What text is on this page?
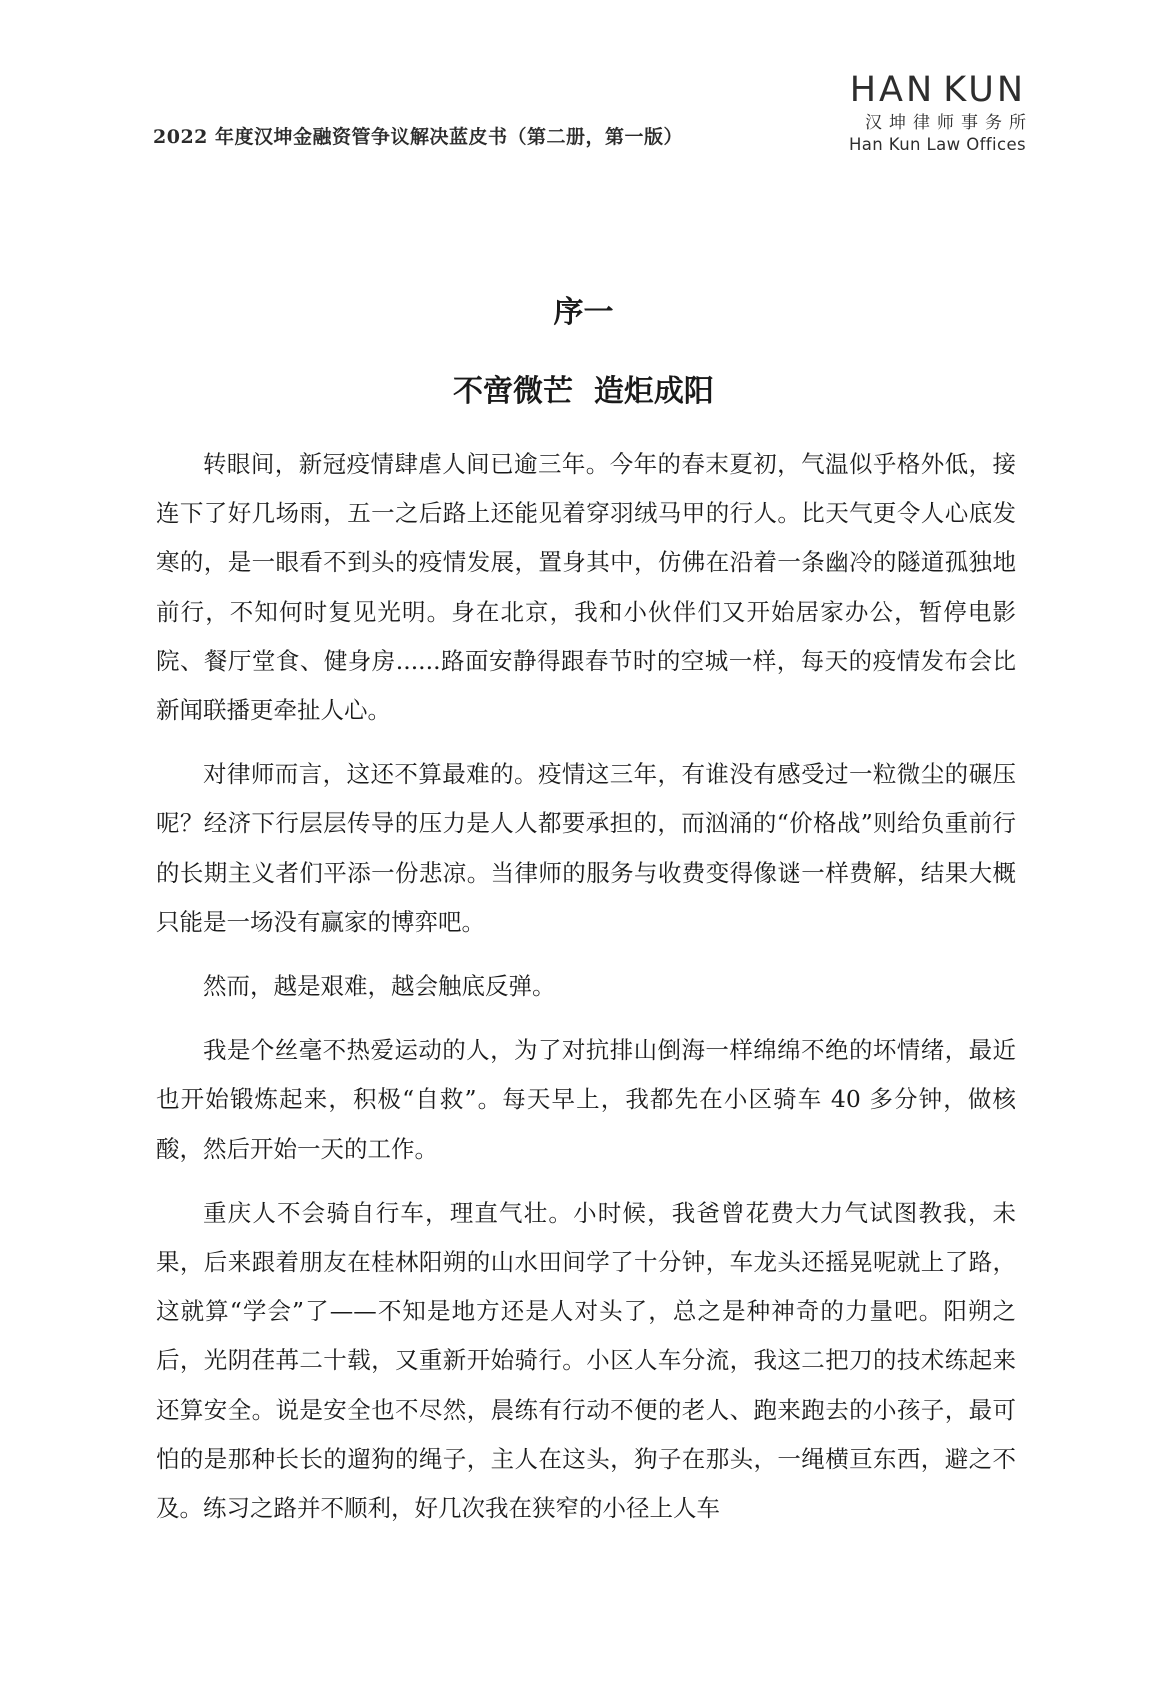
2022 年度汉坤金融资管争议解决蓝皮书（第二册，第一版）
HAN KUN
汉坤律师事务所
Han Kun Law Offices
序一
不啻微芒  造炬成阳

转眼间，新冠疫情肆虐人间已逾三年。今年的春末夏初，气温似乎格外低，接连下了好几场雨，五一之后路上还能见着穿羽绒马甲的行人。比天气更令人心底发寒的，是一眼看不到头的疫情发展，置身其中，仿佛在沿着一条幽冷的隧道孤独地前行，不知何时复见光明。身在北京，我和小伙伴们又开始居家办公，暂停电影院、餐厅堂食、健身房......路面安静得跟春节时的空城一样，每天的疫情发布会比新闻联播更牵扯人心。

对律师而言，这还不算最难的。疫情这三年，有谁没有感受过一粒微尘的碾压呢？经济下行层层传导的压力是人人都要承担的，而汹涌的“价格战”则给负重前行的长期主义者们平添一份悲凉。当律师的服务与收费变得像谜一样费解，结果大概只能是一场没有赢家的博弈吧。

然而，越是艰难，越会触底反弹。

我是个丝毫不热爱运动的人，为了对抗排山倒海一样绵绵不绝的坏情绪，最近也开始锻炼起来，积极“自救”。每天早上，我都先在小区骑车 40 多分钟，做核酸，然后开始一天的工作。

重庆人不会骑自行车，理直气壮。小时候，我爸曾花费大力气试图教我，未果，后来跟着朋友在桂林阳朔的山水田间学了十分钟，车龙头还摇晃呢就上了路，这就算“学会”了——不知是地方还是人对头了，总之是种神奇的力量吧。阳朔之后，光阴荏苒二十载，又重新开始骑行。小区人车分流，我这二把刀的技术练起来还算安全。说是安全也不尽然，晨练有行动不便的老人、跑来跑去的小孩子，最可怕的是那种长长的遛狗的绳子，主人在这头，狗子在那头，一绳横亘东西，避之不及。练习之路并不顺利，好几次我在狭窄的小径上人车
